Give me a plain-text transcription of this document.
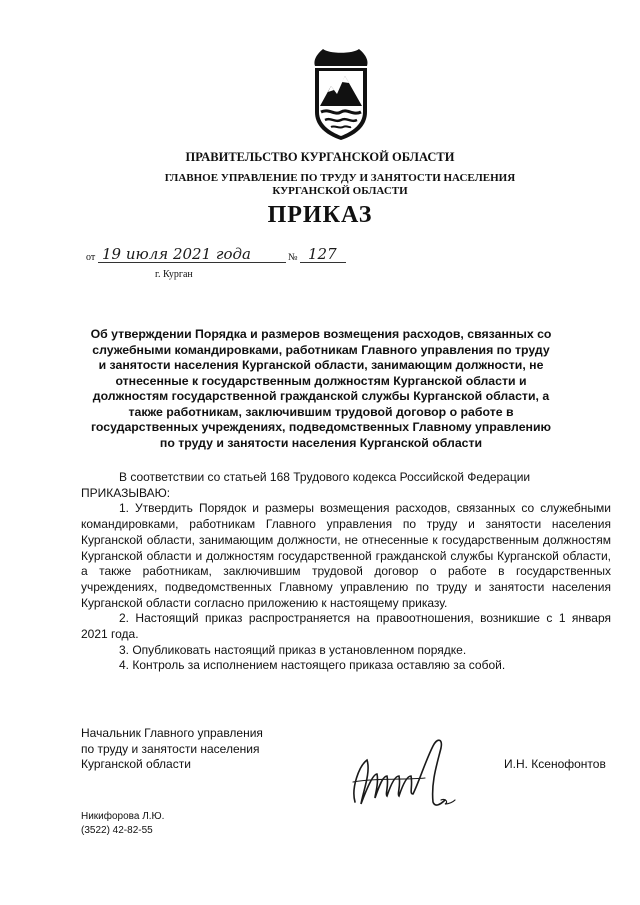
ПРАВИТЕЛЬСТВО КУРГАНСКОЙ ОБЛАСТИ
ГЛАВНОЕ УПРАВЛЕНИЕ ПО ТРУДУ И ЗАНЯТОСТИ НАСЕЛЕНИЯ КУРГАНСКОЙ ОБЛАСТИ
ПРИКАЗ
от 19 июля 2021 года	№ 127
г. Курган
Об утверждении Порядка и размеров возмещения расходов, связанных со служебными командировками, работникам Главного управления по труду и занятости населения Курганской области, занимающим должности, не отнесенные к государственным должностям Курганской области и должностям государственной гражданской службы Курганской области, а также работникам, заключившим трудовой договор о работе в государственных учреждениях, подведомственных Главному управлению по труду и занятости населения Курганской области

В соответствии со статьей 168 Трудового кодекса Российской Федерации

ПРИКАЗЫВАЮ:

1. Утвердить Порядок и размеры возмещения расходов, связанных со служебными командировками, работникам Главного управления по труду и занятости населения Курганской области, занимающим должности, не отнесенные к государственным должностям Курганской области и должностям государственной гражданской службы Курганской области, а также работникам, заключившим трудовой договор о работе в государственных учреждениях, подведомственных Главному управлению по труду и занятости населения Курганской области согласно приложению к настоящему приказу.

2. Настоящий приказ распространяется на правоотношения, возникшие с 1 января 2021 года.

3. Опубликовать настоящий приказ в установленном порядке.

4. Контроль за исполнением настоящего приказа оставляю за собой.

Начальник Главного управления
по труду и занятости населения
Курганской области	И.Н. Ксенофонтов
Никифорова Л.Ю.
(3522) 42-82-55
